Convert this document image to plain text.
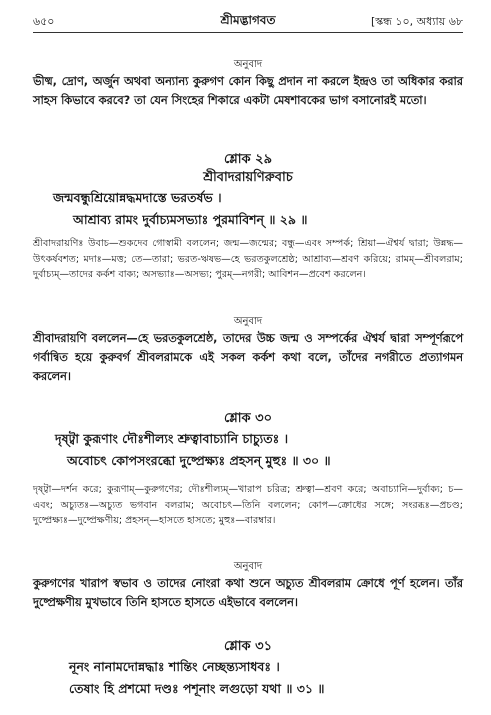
৬৫০	শ্রীমদ্ভাগবত	[স্কন্ধ ১০, অধ্যায় ৬৮
অনুবাদ
ভীষ্ম, দ্রোণ, অর্জুন অথবা অন্যান্য কুরুগণ কোন কিছু প্রদান না করলে ইন্দ্রও তা অধিকার করার সাহস কিভাবে করবে? তা যেন সিংহের শিকারে একটা মেষশাবকের ভাগ বসানোরই মতো।
শ্লোক ২৯
শ্রীবাদরায়ণিরুবাচ
জন্মবন্ধুশ্রিয়োন্নদ্ধমদাস্তে ভরতর্ষভ ।
আশ্রাব্য রামং দুর্বাচ্যমসভ্যাঃ পুরমাবিশন্ ॥ ২৯ ॥
শ্রীবাদরায়ণিঃ উবাচ—শুকদেব গোস্বামী বললেন; জন্ম—জন্মের; বন্ধু—এবং সম্পর্ক; শ্রিয়া—ঐশ্বর্য দ্বারা; উন্নদ্ধ—উৎকর্ষবশত; মদাঃ—মত্ত; তে—তারা; ভরত-ঋষভ—হে ভরতকুলশ্রেষ্ঠ; আশ্রাব্য—শ্রবণ করিয়ে; রামম্—শ্রীবলরাম; দুর্বাচ্যম্—তাদের কর্কশ বাক্য; অসভ্যাঃ—অসভ্য; পুরম্—নগরী; আবিশন—প্রবেশ করলেন।
অনুবাদ
শ্রীবাদরায়ণি বললেন—হে ভরতকুলশ্রেষ্ঠ, তাদের উচ্চ জন্ম ও সম্পর্কের ঐশ্বর্য দ্বারা সম্পূর্ণরূপে গর্বান্বিত হয়ে কুরুবর্গ শ্রীবলরামকে এই সকল কর্কশ কথা বলে, তাঁদের নগরীতে প্রত্যাগমন করলেন।
শ্লোক ৩০
দৃষ্ট্বা কুরূণাং দৌঃশীল্যং শ্রুত্বাবাচ্যানি চাচ্যুতঃ ।
অবোচৎ কোপসংরব্ধো দুষ্প্রেক্ষ্যঃ প্রহসন্ মুহুঃ ॥ ৩০ ॥
দৃষ্ট্বা—দর্শন করে; কুরূণাম্—কুরুগণের; দৌঃশীল্যম্—খারাপ চরিত্র; শ্রুত্বা—শ্রবণ করে; অবাচ্যানি—দুর্বাক্য; চ—এবং; অচ্যুতঃ—অচ্যুত ভগবান বলরাম; অবোচৎ—তিনি বললেন; কোপ—ক্রোধের সঙ্গে; সংরব্ধঃ—প্রচণ্ড; দুষ্প্রেক্ষ্যঃ—দুষ্প্রেক্ষণীয়; প্রহসন্—হাসতে হাসতে; মুহুঃ—বারম্বার।
অনুবাদ
কুরুগণের খারাপ স্বভাব ও তাদের নোংরা কথা শুনে অচ্যুত শ্রীবলরাম ক্রোধে পূর্ণ হলেন। তাঁর দুষ্প্রেক্ষণীয় মুখভাবে তিনি হাসতে হাসতে এইভাবে বললেন।
শ্লোক ৩১
নূনং নানামদোন্নদ্ধাঃ শান্তিং নেচ্ছন্ত্যসাধবঃ ।
তেষাং হি প্রশমো দণ্ডঃ পশূনাং লগুড়ো যথা ॥ ৩১ ॥
